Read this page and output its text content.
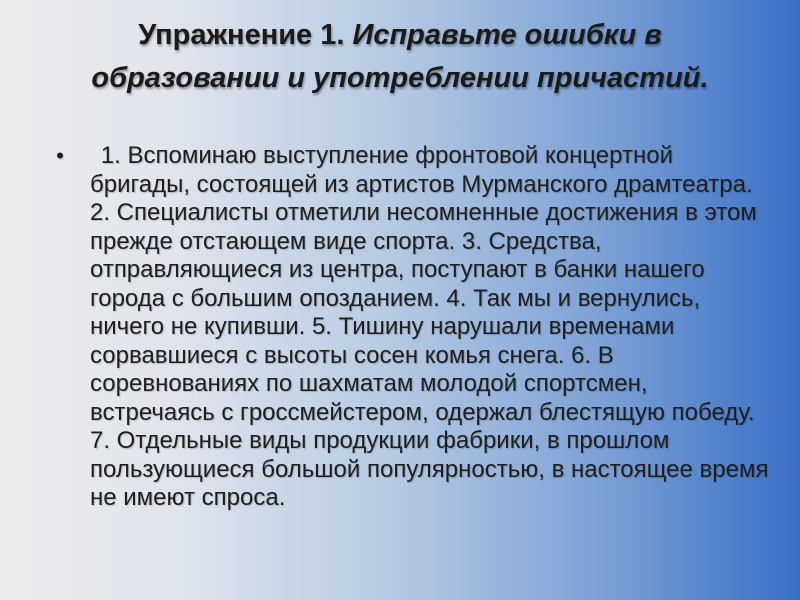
Упражнение 1. Исправьте ошибки в образовании и употреблении причастий.
•	1. Вспоминаю выступление фронтовой концертной бригады, состоящей из артистов Мурманского драмтеатра. 2. Специалисты отметили несомненные достижения в этом прежде отстающем виде спорта. 3. Средства, отправляющиеся из центра, поступают в банки нашего города с большим опозданием. 4. Так мы и вернулись, ничего не купивши. 5. Тишину нарушали временами сорвавшиеся с высоты сосен комья снега. 6. В соревнованиях по шахматам молодой спортсмен, встречаясь с гроссмейстером, одержал блестящую победу. 7. Отдельные виды продукции фабрики, в прошлом пользующиеся большой популярностью, в настоящее время не имеют спроса.
